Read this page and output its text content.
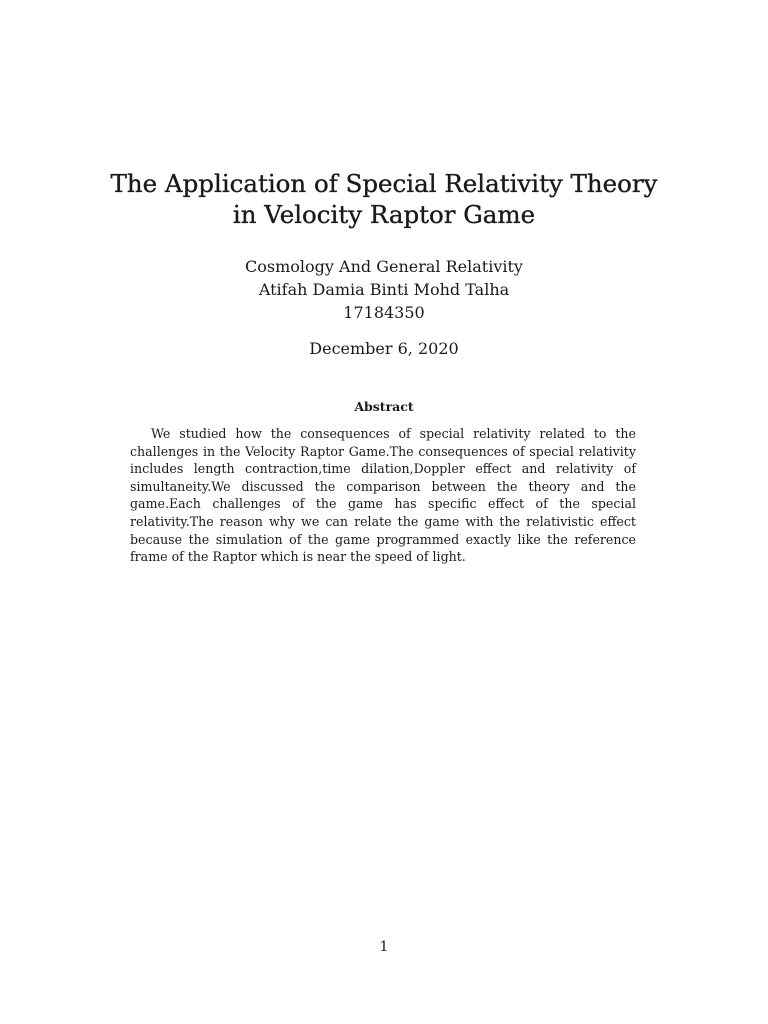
The Application of Special Relativity Theory
in Velocity Raptor Game
Cosmology And General Relativity
Atifah Damia Binti Mohd Talha
17184350
December 6, 2020
Abstract

We studied how the consequences of special relativity related to the challenges in the Velocity Raptor Game.The consequences of special relativity includes length contraction,time dilation,Doppler effect and relativity of simultaneity.We discussed the comparison between the theory and the game.Each challenges of the game has specific effect of the special relativity.The reason why we can relate the game with the relativistic effect because the simulation of the game programmed exactly like the reference frame of the Raptor which is near the speed of light.

1
